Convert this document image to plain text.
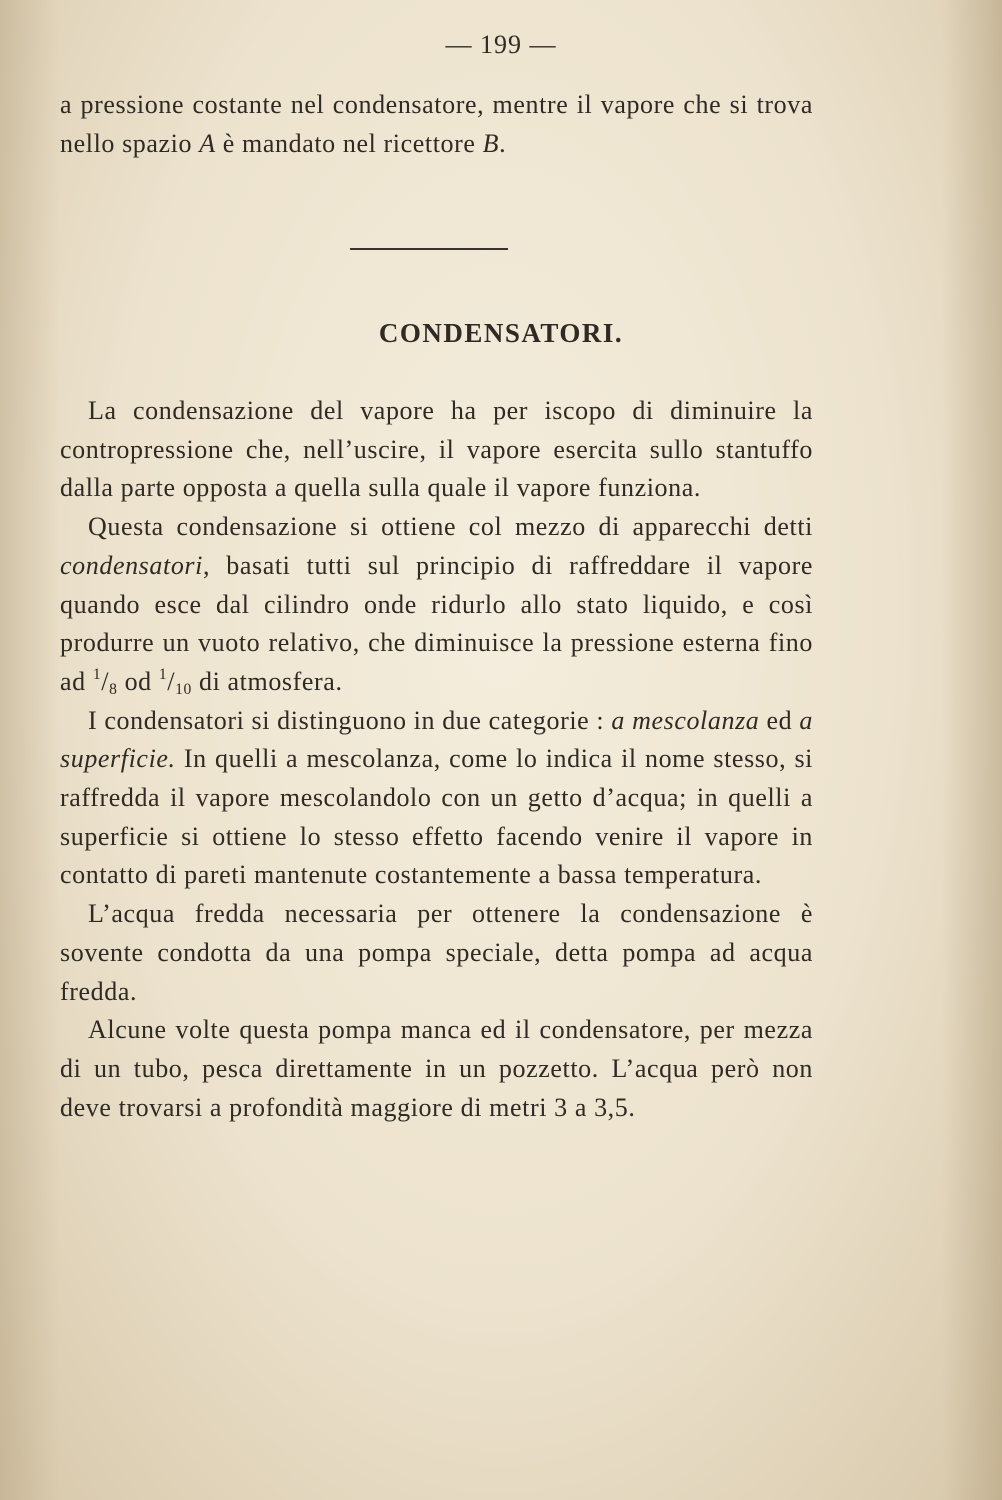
— 199 —

a pressione costante nel condensatore, mentre il vapore che si trova nello spazio A è mandato nel ricettore B.

CONDENSATORI.

La condensazione del vapore ha per iscopo di diminuire la contropressione che, nell’uscire, il vapore esercita sullo stantuffo dalla parte opposta a quella sulla quale il vapore funziona.

Questa condensazione si ottiene col mezzo di apparecchi detti condensatori, basati tutti sul principio di raffreddare il vapore quando esce dal cilindro onde ridurlo allo stato liquido, e così produrre un vuoto relativo, che diminuisce la pressione esterna fino ad $^1/_8$ od $^1/_{10}$ di atmosfera.

I condensatori si distinguono in due categorie : a mescolanza ed a superficie. In quelli a mescolanza, come lo indica il nome stesso, si raffredda il vapore mescolandolo con un getto d’acqua; in quelli a superficie si ottiene lo stesso effetto facendo venire il vapore in contatto di pareti mantenute costantemente a bassa temperatura.

L’acqua fredda necessaria per ottenere la condensazione è sovente condotta da una pompa speciale, detta pompa ad acqua fredda.

Alcune volte questa pompa manca ed il condensatore, per mezza di un tubo, pesca direttamente in un pozzetto. L’acqua però non deve trovarsi a profondità maggiore di metri 3 a 3,5.
